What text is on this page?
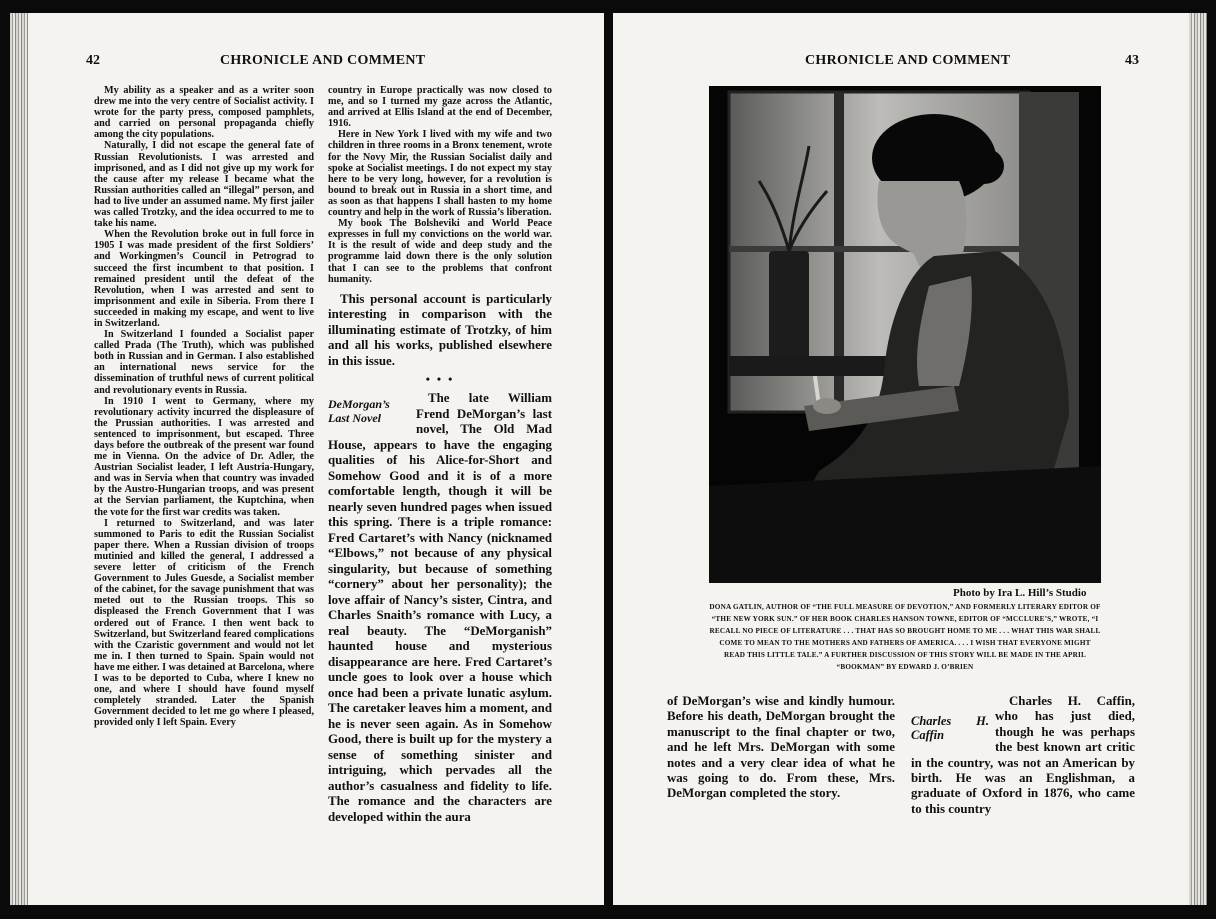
42	CHRONICLE AND COMMENT

My ability as a speaker and as a writer soon drew me into the very centre of Socialist activity. I wrote for the party press, composed pamphlets, and carried on personal propaganda chiefly among the city populations.

Naturally, I did not escape the general fate of Russian Revolutionists. I was arrested and imprisoned, and as I did not give up my work for the cause after my release I became what the Russian authorities called an “illegal” person, and had to live under an assumed name. My first jailer was called Trotzky, and the idea occurred to me to take his name.

When the Revolution broke out in full force in 1905 I was made president of the first Soldiers’ and Workingmen’s Council in Petrograd to succeed the first incumbent to that position. I remained president until the defeat of the Revolution, when I was arrested and sent to imprisonment and exile in Siberia. From there I succeeded in making my escape, and went to live in Switzerland.

In Switzerland I founded a Socialist paper called Prada (The Truth), which was published both in Russian and in German. I also established an international news service for the dissemination of truthful news of current political and revolutionary events in Russia.

In 1910 I went to Germany, where my revolutionary activity incurred the displeasure of the Prussian authorities. I was arrested and sentenced to imprisonment, but escaped. Three days before the outbreak of the present war found me in Vienna. On the advice of Dr. Adler, the Austrian Socialist leader, I left Austria-Hungary, and was in Servia when that country was invaded by the Austro-Hungarian troops, and was present at the Servian parliament, the Kuptchina, when the vote for the first war credits was taken.

I returned to Switzerland, and was later summoned to Paris to edit the Russian Socialist paper there. When a Russian division of troops mutinied and killed the general, I addressed a severe letter of criticism of the French Government to Jules Guesde, a Socialist member of the cabinet, for the savage punishment that was meted out to the Russian troops. This so displeased the French Government that I was ordered out of France. I then went back to Switzerland, but Switzerland feared complications with the Czaristic government and would not let me in. I then turned to Spain. Spain would not have me either. I was detained at Barcelona, where I was to be deported to Cuba, where I knew no one, and where I should have found myself completely stranded. Later the Spanish Government decided to let me go where I pleased, provided only I left Spain. Every

country in Europe practically was now closed to me, and so I turned my gaze across the Atlantic, and arrived at Ellis Island at the end of December, 1916.

Here in New York I lived with my wife and two children in three rooms in a Bronx tenement, wrote for the Novy Mir, the Russian Socialist daily and spoke at Socialist meetings. I do not expect my stay here to be very long, however, for a revolution is bound to break out in Russia in a short time, and as soon as that happens I shall hasten to my home country and help in the work of Russia’s liberation.

My book The Bolsheviki and World Peace expresses in full my convictions on the world war. It is the result of wide and deep study and the programme laid down there is the only solution that I can see to the problems that confront humanity.

This personal account is particularly interesting in comparison with the illuminating estimate of Trotzky, of him and all his works, published elsewhere in this issue.

• • •

DeMorgan’s Last Novel
The late William Frend DeMorgan’s last novel, The Old Mad House, appears to have the engaging qualities of his Alice-for-Short and Somehow Good and it is of a more comfortable length, though it will be nearly seven hundred pages when issued this spring. There is a triple romance: Fred Cartaret’s with Nancy (nicknamed “Elbows,” not because of any physical singularity, but because of something “cornery” about her personality); the love affair of Nancy’s sister, Cintra, and Charles Snaith’s romance with Lucy, a real beauty. The “DeMorganish” haunted house and mysterious disappearance are here. Fred Cartaret’s uncle goes to look over a house which once had been a private lunatic asylum. The caretaker leaves him a moment, and he is never seen again. As in Somehow Good, there is built up for the mystery a sense of something sinister and intriguing, which pervades all the author’s casualness and fidelity to life. The romance and the characters are developed within the aura

CHRONICLE AND COMMENT	43
Photo by Ira L. Hill’s Studio
DONA GATLIN, AUTHOR OF “THE FULL MEASURE OF DEVOTION,” AND FORMERLY LITERARY EDITOR OF “THE NEW YORK SUN.” OF HER BOOK CHARLES HANSON TOWNE, EDITOR OF “MCCLURE’S,” WROTE, “I RECALL NO PIECE OF LITERATURE . . . THAT HAS SO BROUGHT HOME TO ME . . . WHAT THIS WAR SHALL COME TO MEAN TO THE MOTHERS AND FATHERS OF AMERICA. . . . I WISH THAT EVERYONE MIGHT READ THIS LITTLE TALE.” A FURTHER DISCUSSION OF THIS STORY WILL BE MADE IN THE APRIL “BOOKMAN” BY EDWARD J. O’BRIEN

of DeMorgan’s wise and kindly humour. Before his death, DeMorgan brought the manuscript to the final chapter or two, and he left Mrs. DeMorgan with some notes and a very clear idea of what he was going to do. From these, Mrs. DeMorgan completed the story.

Charles H. Caffin
Charles H. Caffin, who has just died, though he was perhaps the best known art critic in the country, was not an American by birth. He was an Englishman, a graduate of Oxford in 1876, who came to this country
